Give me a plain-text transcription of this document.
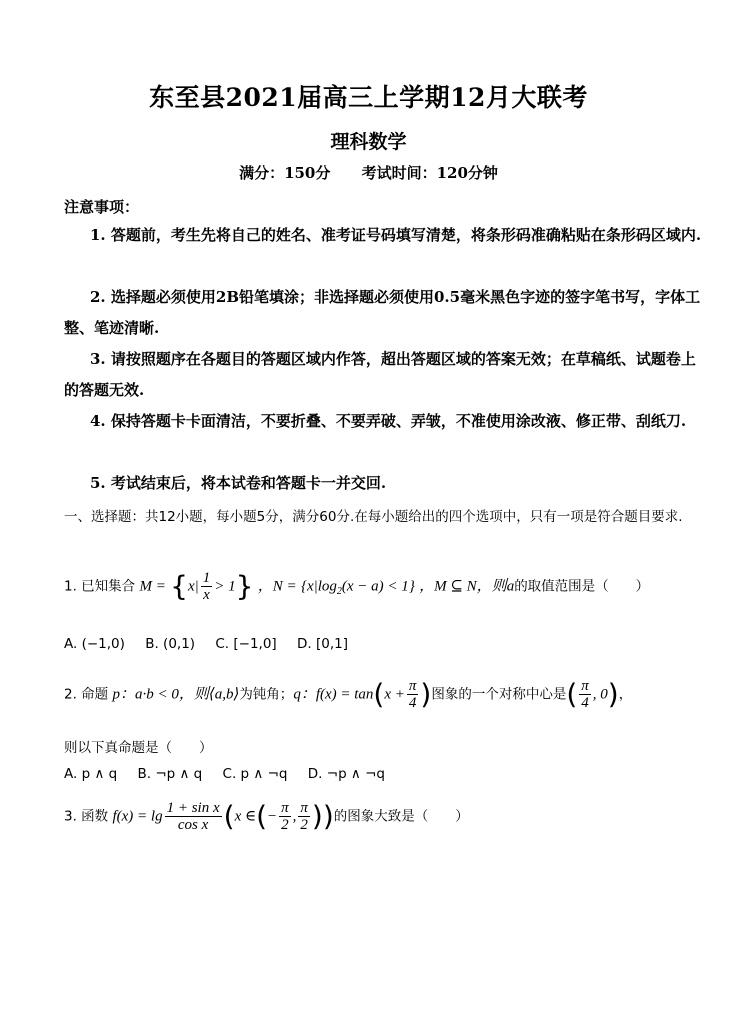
东至县2021届高三上学期12月大联考
理科数学
满分：150分 考试时间：120分钟
注意事项：
1. 答题前，考生先将自己的姓名、准考证号码填写清楚，将条形码准确粘贴在条形码区域内.
2. 选择题必须使用2B铅笔填涂；非选择题必须使用0.5毫米黑色字迹的签字笔书写，字体工整、笔迹清晰.
3. 请按照题序在各题目的答题区域内作答，超出答题区域的答案无效；在草稿纸、试题卷上的答题无效.
4. 保持答题卡卡面清洁，不要折叠、不要弄破、弄皱，不准使用涂改液、修正带、刮纸刀.
5. 考试结束后，将本试卷和答题卡一并交回.
一、选择题：共12小题，每小题5分，满分60分.在每小题给出的四个选项中，只有一项是符合题目要求.
1. 已知集合 $M = \{x| \frac{1}{x} > 1\}$ ，$N = \{x|\log_2(x - a) < 1\}$ ，M ⊆ N，则a的取值范围是（　　）
A. (−1,0) B. (0,1) C. [−1,0] D. [0,1]
2. 命题 p：a·b < 0，则⟨a,b⟩为钝角；q：$f(x) = \tan(x + \frac{\pi}{4}$ )图象的一个对称中心是( $\frac{\pi}{4}$ , 0)，
则以下真命题是（　　）
A. p ∧ q B. ¬p ∧ q C. p ∧ ¬q D. ¬p ∧ ¬q
3. 函数 $f(x) = \lg \frac{\text{1 + sin x}}{\text{cos x}} (x$ ∈(− $\frac{\pi}{2}$ , $\frac{\pi}{2}$ ))的图象大致是（　　）
